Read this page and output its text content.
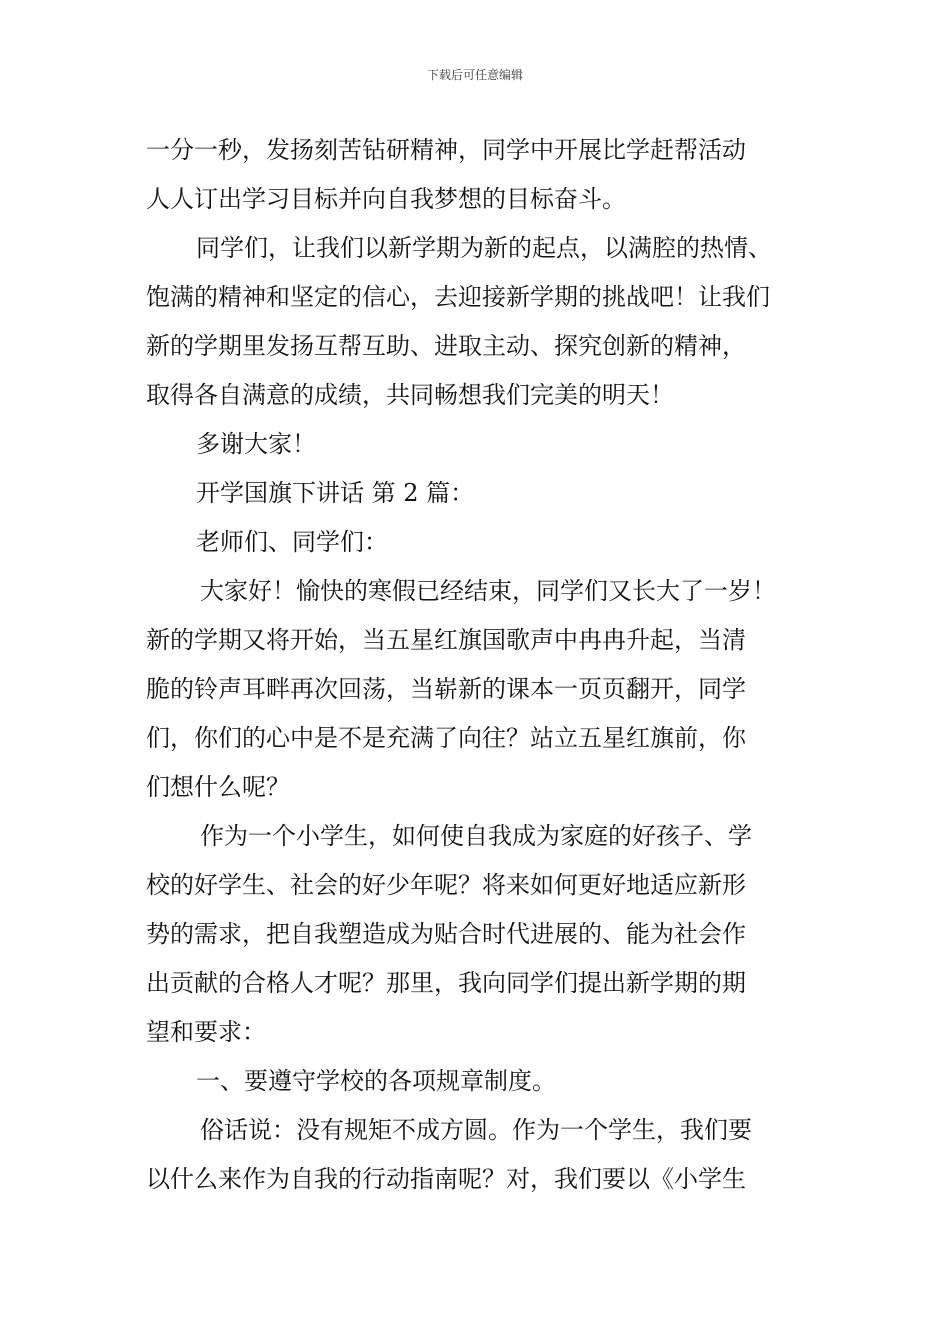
下载后可任意编辑
一分一秒，发扬刻苦钻研精神，同学中开展比学赶帮活动
人人订出学习目标并向自我梦想的目标奋斗。
同学们，让我们以新学期为新的起点，以满腔的热情、
饱满的精神和坚定的信心，去迎接新学期的挑战吧！让我们
新的学期里发扬互帮互助、进取主动、探究创新的精神，
取得各自满意的成绩，共同畅想我们完美的明天！
多谢大家！
开学国旗下讲话 第 2 篇：
老师们、同学们：
大家好！愉快的寒假已经结束，同学们又长大了一岁！
新的学期又将开始，当五星红旗国歌声中冉冉升起，当清
脆的铃声耳畔再次回荡，当崭新的课本一页页翻开，同学
们，你们的心中是不是充满了向往？站立五星红旗前，你
们想什么呢？
作为一个小学生，如何使自我成为家庭的好孩子、学
校的好学生、社会的好少年呢？将来如何更好地适应新形
势的需求，把自我塑造成为贴合时代进展的、能为社会作
出贡献的合格人才呢？那里，我向同学们提出新学期的期
望和要求：
一、要遵守学校的各项规章制度。
俗话说：没有规矩不成方圆。作为一个学生，我们要
以什么来作为自我的行动指南呢？对，我们要以《小学生
